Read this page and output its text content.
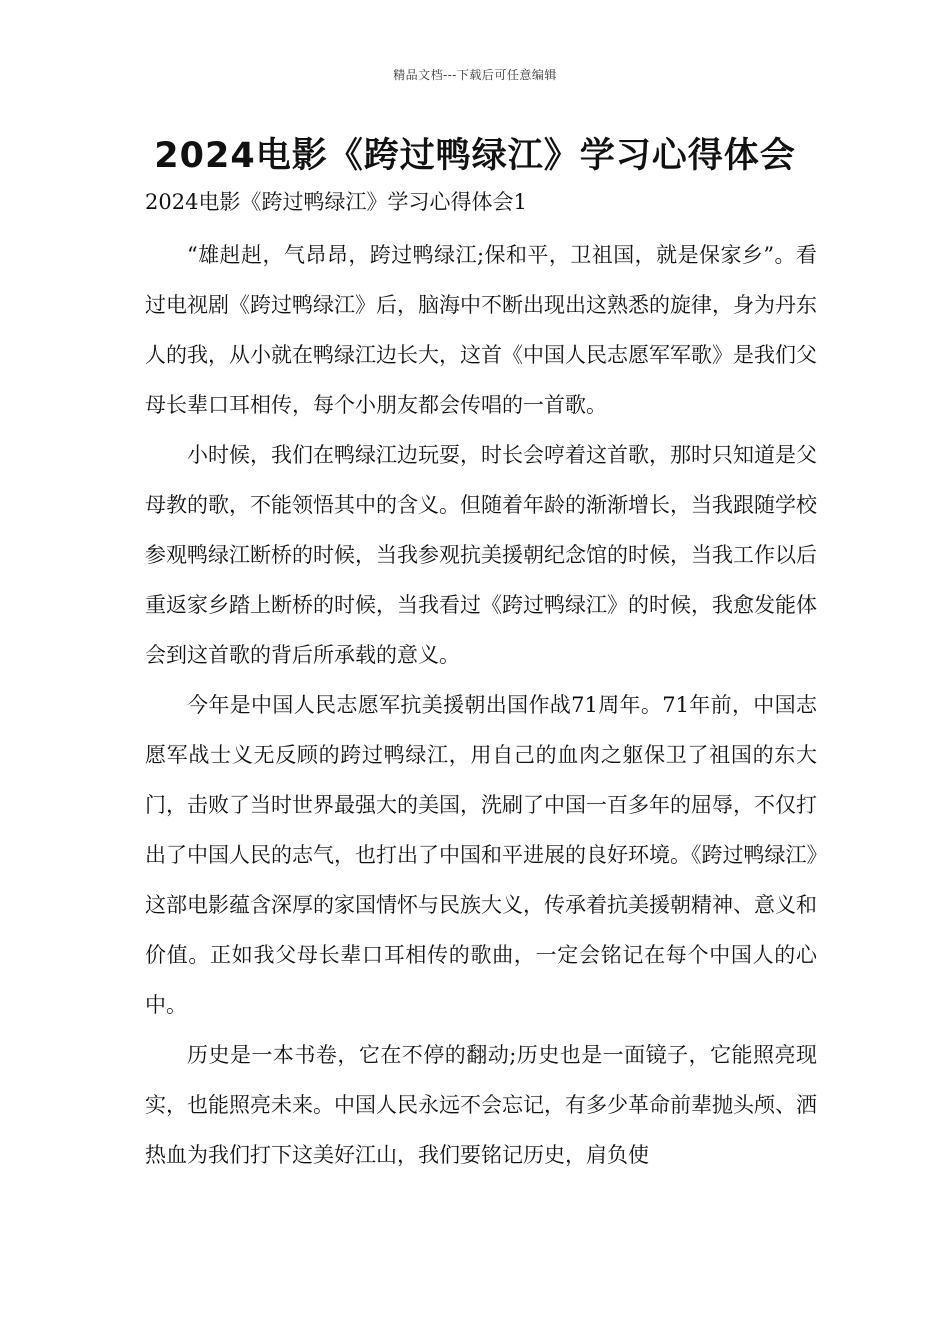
精品文档---下载后可任意编辑
2024电影《跨过鸭绿江》学习心得体会

2024电影《跨过鸭绿江》学习心得体会1

“雄赳赳，气昂昂，跨过鸭绿江;保和平，卫祖国，就是保家乡”。看过电视剧《跨过鸭绿江》后，脑海中不断出现出这熟悉的旋律，身为丹东人的我，从小就在鸭绿江边长大，这首《中国人民志愿军军歌》是我们父母长辈口耳相传，每个小朋友都会传唱的一首歌。

小时候，我们在鸭绿江边玩耍，时长会哼着这首歌，那时只知道是父母教的歌，不能领悟其中的含义。但随着年龄的渐渐增长，当我跟随学校参观鸭绿江断桥的时候，当我参观抗美援朝纪念馆的时候，当我工作以后重返家乡踏上断桥的时候，当我看过《跨过鸭绿江》的时候，我愈发能体会到这首歌的背后所承载的意义。

今年是中国人民志愿军抗美援朝出国作战71周年。71年前，中国志愿军战士义无反顾的跨过鸭绿江，用自己的血肉之躯保卫了祖国的东大门，击败了当时世界最强大的美国，洗刷了中国一百多年的屈辱，不仅打出了中国人民的志气，也打出了中国和平进展的良好环境。《跨过鸭绿江》这部电影蕴含深厚的家国情怀与民族大义，传承着抗美援朝精神、意义和价值。正如我父母长辈口耳相传的歌曲，一定会铭记在每个中国人的心中。

历史是一本书卷，它在不停的翻动;历史也是一面镜子，它能照亮现实，也能照亮未来。中国人民永远不会忘记，有多少革命前辈抛头颅、洒热血为我们打下这美好江山，我们要铭记历史，肩负使
